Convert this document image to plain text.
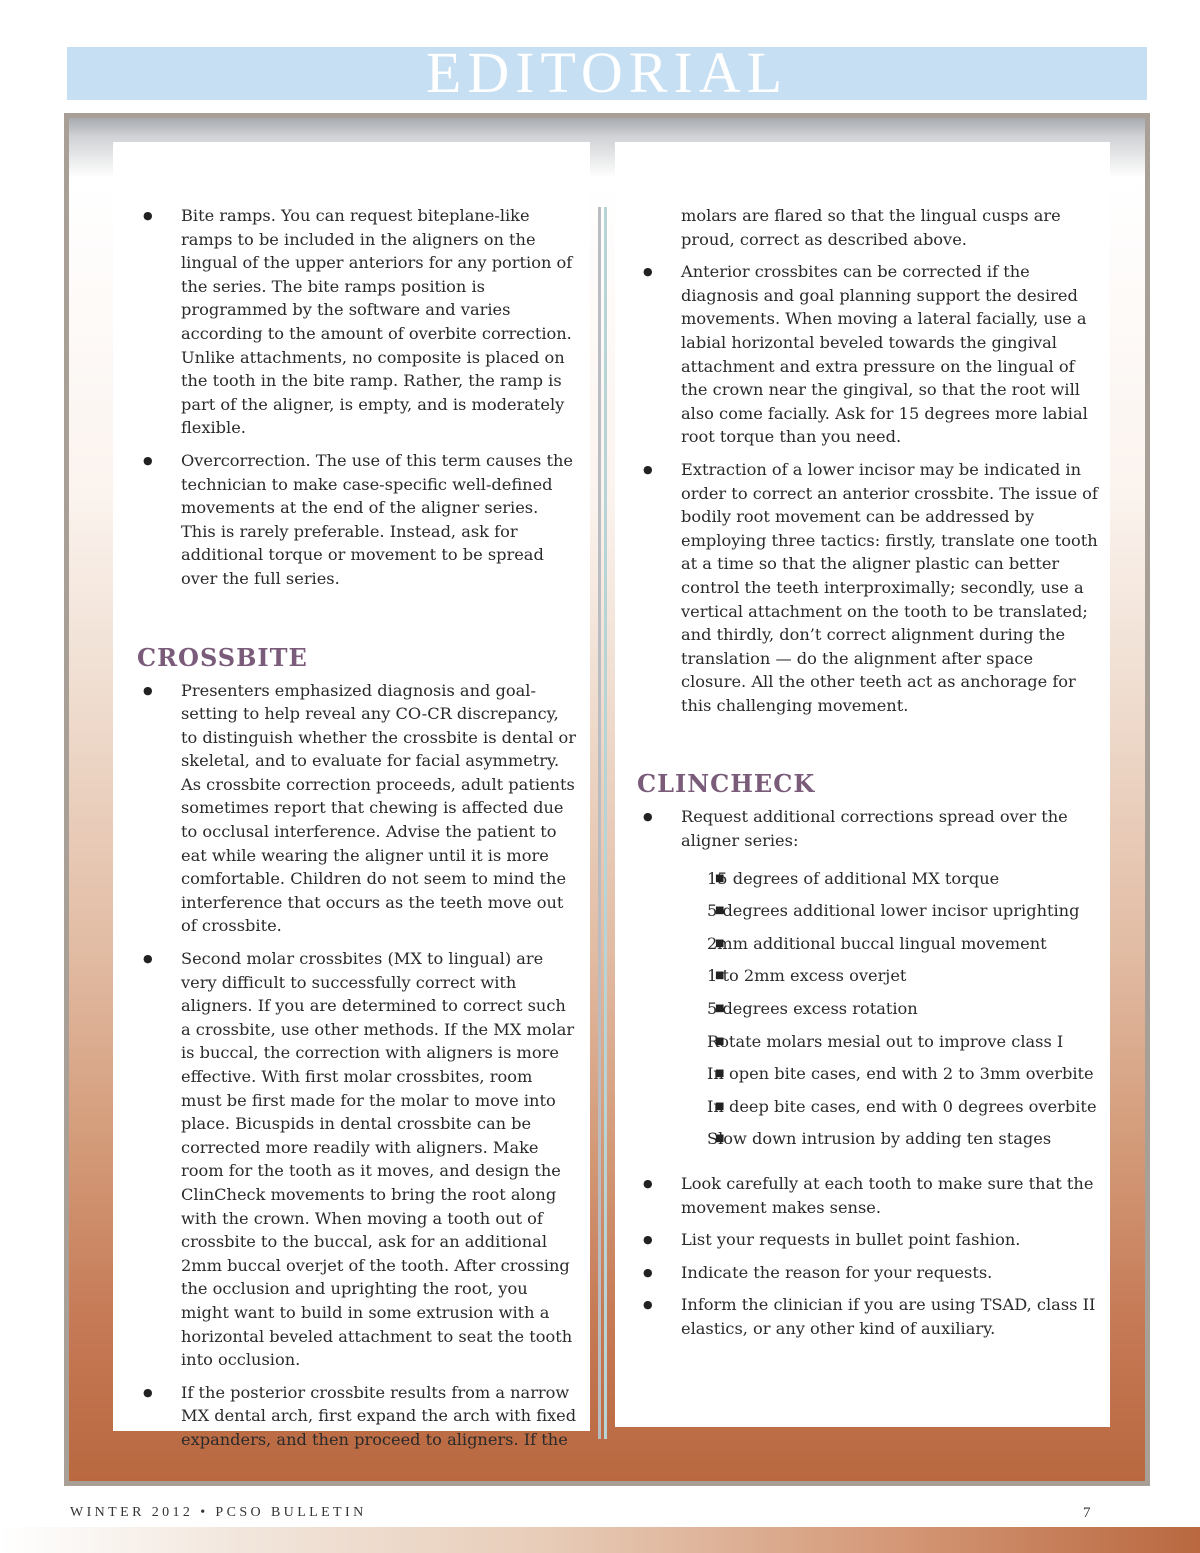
EDITORIAL
● Bite ramps. You can request biteplane-like ramps to be included in the aligners on the lingual of the upper anteriors for any portion of the series. The bite ramps position is programmed by the software and varies according to the amount of overbite correction. Unlike attachments, no composite is placed on the tooth in the bite ramp. Rather, the ramp is part of the aligner, is empty, and is moderately flexible.
● Overcorrection. The use of this term causes the technician to make case-specific well-defined movements at the end of the aligner series. This is rarely preferable. Instead, ask for additional torque or movement to be spread over the full series.
CROSSBITE
● Presenters emphasized diagnosis and goal-setting to help reveal any CO-CR discrepancy, to distinguish whether the crossbite is dental or skeletal, and to evaluate for facial asymmetry. As crossbite correction proceeds, adult patients sometimes report that chewing is affected due to occlusal interference. Advise the patient to eat while wearing the aligner until it is more comfortable. Children do not seem to mind the interference that occurs as the teeth move out of crossbite.
● Second molar crossbites (MX to lingual) are very difficult to successfully correct with aligners. If you are determined to correct such a crossbite, use other methods. If the MX molar is buccal, the correction with aligners is more effective. With first molar crossbites, room must be first made for the molar to move into place. Bicuspids in dental crossbite can be corrected more readily with aligners. Make room for the tooth as it moves, and design the ClinCheck movements to bring the root along with the crown. When moving a tooth out of crossbite to the buccal, ask for an additional 2mm buccal overjet of the tooth. After crossing the occlusion and uprighting the root, you might want to build in some extrusion with a horizontal beveled attachment to seat the tooth into occlusion.
● If the posterior crossbite results from a narrow MX dental arch, first expand the arch with fixed expanders, and then proceed to aligners. If the
molars are flared so that the lingual cusps are proud, correct as described above.
● Anterior crossbites can be corrected if the diagnosis and goal planning support the desired movements. When moving a lateral facially, use a labial horizontal beveled towards the gingival attachment and extra pressure on the lingual of the crown near the gingival, so that the root will also come facially. Ask for 15 degrees more labial root torque than you need.
● Extraction of a lower incisor may be indicated in order to correct an anterior crossbite. The issue of bodily root movement can be addressed by employing three tactics: firstly, translate one tooth at a time so that the aligner plastic can better control the teeth interproximally; secondly, use a vertical attachment on the tooth to be translated; and thirdly, don’t correct alignment during the translation — do the alignment after space closure. All the other teeth act as anchorage for this challenging movement.
CLINCHECK
● Request additional corrections spread over the aligner series:
■ 15 degrees of additional MX torque
■ 5 degrees additional lower incisor uprighting
■ 2mm additional buccal lingual movement
■ 1 to 2mm excess overjet
■ 5 degrees excess rotation
■ Rotate molars mesial out to improve class I
■ In open bite cases, end with 2 to 3mm overbite
■ In deep bite cases, end with 0 degrees overbite
■ Slow down intrusion by adding ten stages
● Look carefully at each tooth to make sure that the movement makes sense.
● List your requests in bullet point fashion.
● Indicate the reason for your requests.
● Inform the clinician if you are using TSAD, class II elastics, or any other kind of auxiliary.
WINTER 2012 • PCSO BULLETIN	7
